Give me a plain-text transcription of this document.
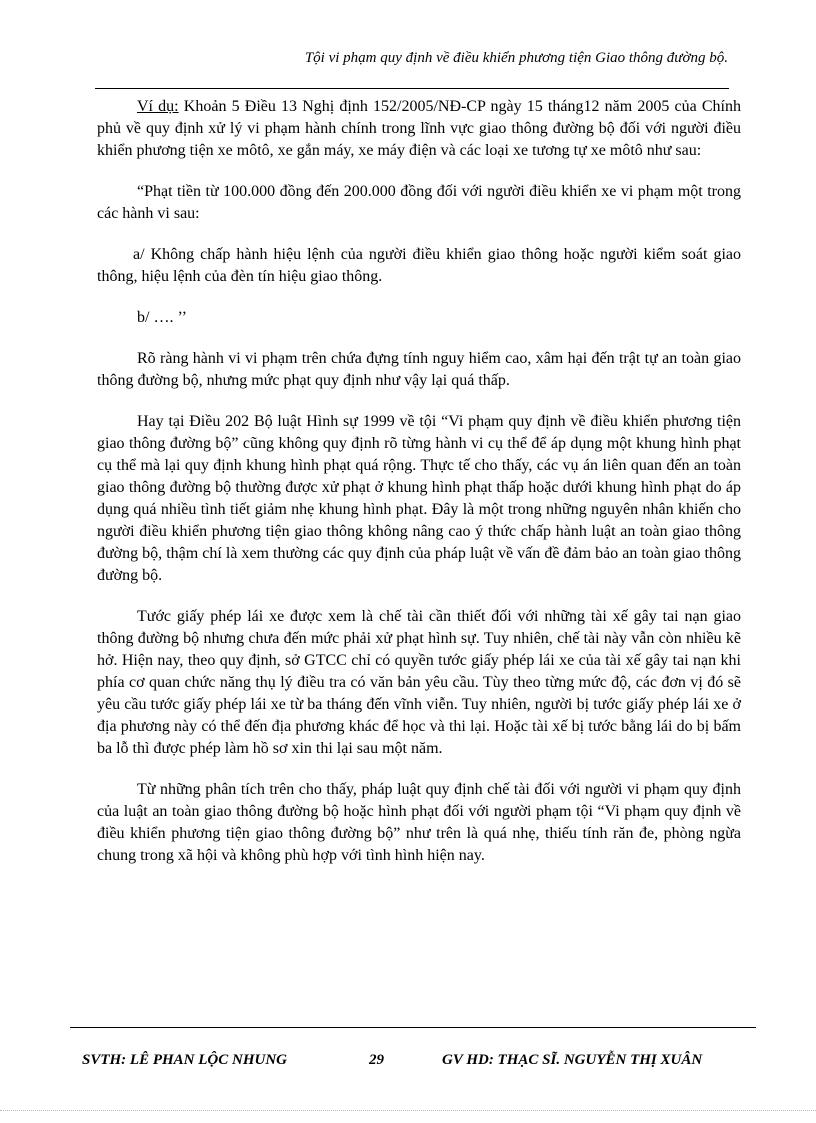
Tội vi phạm quy định về điều khiển phương tiện Giao thông đường bộ.

Ví dụ: Khoản 5 Điều 13 Nghị định 152/2005/NĐ-CP ngày 15 tháng12 năm 2005 của Chính phủ về quy định xử lý vi phạm hành chính trong lĩnh vực giao thông đường bộ đối với người điều khiển phương tiện xe môtô, xe gắn máy, xe máy điện và các loại xe tương tự xe môtô như sau:

“Phạt tiền từ 100.000 đồng đến 200.000 đồng đối với người điều khiển xe vi phạm một trong các hành vi sau:

a/ Không chấp hành hiệu lệnh của người điều khiển giao thông hoặc người kiểm soát giao thông, hiệu lệnh của đèn tín hiệu giao thông.

b/ …. ’’

Rõ ràng hành vi vi phạm trên chứa đựng tính nguy hiểm cao, xâm hại đến trật tự an toàn giao thông đường bộ, nhưng mức phạt quy định như vậy lại quá thấp.

Hay tại Điều 202 Bộ luật Hình sự 1999 về tội “Vi phạm quy định về điều khiển phương tiện giao thông đường bộ” cũng không quy định rõ từng hành vi cụ thể để áp dụng một khung hình phạt cụ thể mà lại quy định khung hình phạt quá rộng. Thực tế cho thấy, các vụ án liên quan đến an toàn giao thông đường bộ thường được xử phạt ở khung hình phạt thấp hoặc dưới khung hình phạt do áp dụng quá nhiều tình tiết giảm nhẹ khung hình phạt. Đây là một trong những nguyên nhân khiến cho người điều khiển phương tiện giao thông không nâng cao ý thức chấp hành luật an toàn giao thông đường bộ, thậm chí là xem thường các quy định của pháp luật về vấn đề đảm bảo an toàn giao thông đường bộ.

Tước giấy phép lái xe được xem là chế tài cần thiết đối với những tài xế gây tai nạn giao thông đường bộ nhưng chưa đến mức phải xử phạt hình sự. Tuy nhiên, chế tài này vẫn còn nhiều kẽ hở. Hiện nay, theo quy định, sở GTCC chỉ có quyền tước giấy phép lái xe của tài xế gây tai nạn khi phía cơ quan chức năng thụ lý điều tra có văn bản yêu cầu. Tùy theo từng mức độ, các đơn vị đó sẽ yêu cầu tước giấy phép lái xe từ ba tháng đến vĩnh viễn. Tuy nhiên, người bị tước giấy phép lái xe ở địa phương này có thể đến địa phương khác để học và thi lại. Hoặc tài xế bị tước bằng lái do bị bấm ba lỗ thì được phép làm hồ sơ xin thi lại sau một năm.

Từ những phân tích trên cho thấy, pháp luật quy định chế tài đối với người vi phạm quy định của luật an toàn giao thông đường bộ hoặc hình phạt đối với người phạm tội “Vi phạm quy định về điều khiển phương tiện giao thông đường bộ” như trên là quá nhẹ, thiếu tính răn đe, phòng ngừa chung trong xã hội và không phù hợp với tình hình hiện nay.

SVTH: LÊ PHAN LỘC NHUNG	29	GV HD: THẠC SĨ. NGUYỄN THỊ XUÂN
